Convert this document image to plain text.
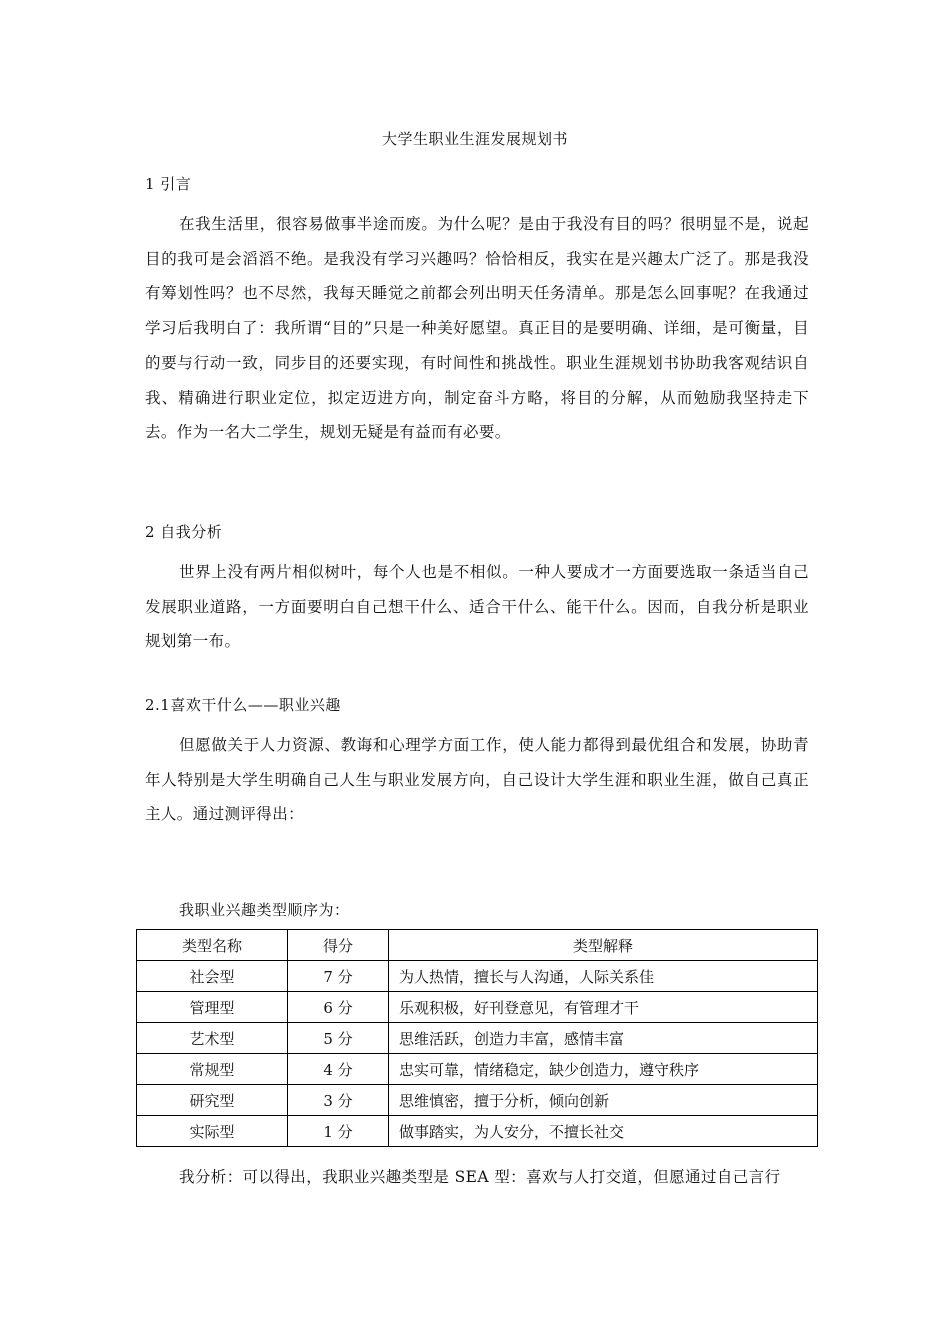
大学生职业生涯发展规划书
1 引言

在我生活里，很容易做事半途而废。为什么呢？是由于我没有目的吗？很明显不是，说起目的我可是会滔滔不绝。是我没有学习兴趣吗？恰恰相反，我实在是兴趣太广泛了。那是我没有筹划性吗？也不尽然，我每天睡觉之前都会列出明天任务清单。那是怎么回事呢？在我通过学习后我明白了：我所谓“目的”只是一种美好愿望。真正目的是要明确、详细，是可衡量，目的要与行动一致，同步目的还要实现，有时间性和挑战性。职业生涯规划书协助我客观结识自我、精确进行职业定位，拟定迈进方向，制定奋斗方略，将目的分解，从而勉励我坚持走下去。作为一名大二学生，规划无疑是有益而有必要。

2 自我分析

世界上没有两片相似树叶，每个人也是不相似。一种人要成才一方面要选取一条适当自己发展职业道路，一方面要明白自己想干什么、适合干什么、能干什么。因而，自我分析是职业规划第一布。

2.1喜欢干什么——职业兴趣

但愿做关于人力资源、教诲和心理学方面工作，使人能力都得到最优组合和发展，协助青年人特别是大学生明确自己人生与职业发展方向，自己设计大学生涯和职业生涯，做自己真正主人。通过测评得出：

我职业兴趣类型顺序为：
类型名称	得分	类型解释
社会型	7 分	为人热情，擅长与人沟通，人际关系佳
管理型	6 分	乐观积极，好刊登意见，有管理才干
艺术型	5 分	思维活跃，创造力丰富，感情丰富
常规型	4 分	忠实可靠，情绪稳定，缺少创造力，遵守秩序
研究型	3 分	思维慎密，擅于分析，倾向创新
实际型	1 分	做事踏实，为人安分，不擅长社交

我分析：可以得出，我职业兴趣类型是 SEA 型：喜欢与人打交道，但愿通过自己言行
